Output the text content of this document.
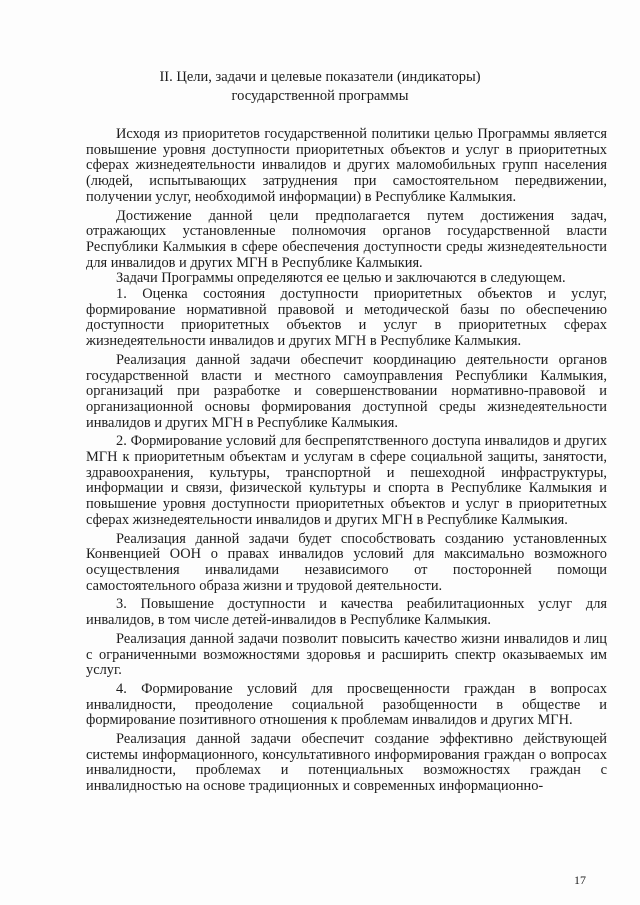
II. Цели, задачи и целевые показатели (индикаторы)
государственной программы

Исходя из приоритетов государственной политики целью Программы является повышение уровня доступности приоритетных объектов и услуг в приоритетных сферах жизнедеятельности инвалидов и других маломобильных групп населения (людей, испытывающих затруднения при самостоятельном передвижении, получении услуг, необходимой информации) в Республике Калмыкия.

Достижение данной цели предполагается путем достижения задач, отражающих установленные полномочия органов государственной власти Республики Калмыкия в сфере обеспечения доступности среды жизнедеятельности для инвалидов и других МГН в Республике Калмыкия.

Задачи Программы определяются ее целью и заключаются в следующем.

1. Оценка состояния доступности приоритетных объектов и услуг, формирование нормативной правовой и методической базы по обеспечению доступности приоритетных объектов и услуг в приоритетных сферах жизнедеятельности инвалидов и других МГН в Республике Калмыкия.

Реализация данной задачи обеспечит координацию деятельности органов государственной власти и местного самоуправления Республики Калмыкия, организаций при разработке и совершенствовании нормативно-правовой и организационной основы формирования доступной среды жизнедеятельности инвалидов и других МГН в Республике Калмыкия.

2. Формирование условий для беспрепятственного доступа инвалидов и других МГН к приоритетным объектам и услугам в сфере социальной защиты, занятости, здравоохранения, культуры, транспортной и пешеходной инфраструктуры, информации и связи, физической культуры и спорта в Республике Калмыкия и повышение уровня доступности приоритетных объектов и услуг в приоритетных сферах жизнедеятельности инвалидов и других МГН в Республике Калмыкия.

Реализация данной задачи будет способствовать созданию установленных Конвенцией ООН о правах инвалидов условий для максимально возможного осуществления инвалидами независимого от посторонней помощи самостоятельного образа жизни и трудовой деятельности.

3. Повышение доступности и качества реабилитационных услуг для инвалидов, в том числе детей-инвалидов в Республике Калмыкия.

Реализация данной задачи позволит повысить качество жизни инвалидов и лиц с ограниченными возможностями здоровья и расширить спектр оказываемых им услуг.

4. Формирование условий для просвещенности граждан в вопросах инвалидности, преодоление социальной разобщенности в обществе и формирование позитивного отношения к проблемам инвалидов и других МГН.

Реализация данной задачи обеспечит создание эффективно действующей системы информационного, консультативного информирования граждан о вопросах инвалидности, проблемах и потенциальных возможностях граждан с инвалидностью на основе традиционных и современных информационно-

17
